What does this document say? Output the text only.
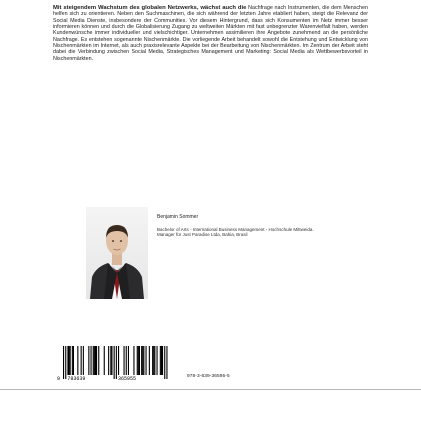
Mit steigendem Wachstum des globalen Netzwerks, wächst auch die Nachfrage nach Instrumenten, die dem Menschen helfen sich zu orientieren. Neben den Suchmaschinen, die sich während der letzten Jahre etabliert haben, steigt die Relevanz der Social Media Dienste, insbesondere der Communities. Vor diesem Hintergrund, dass sich Konsumenten im Netz immer besser informieren können und durch die Globalisierung Zugang zu weltweiten Märkten mit fast unbegrenzter Warenvielfalt haben, werden Kundenwünsche immer individueller und vielschichtiger. Unternehmen assimilieren ihre Angebote zunehmend an die persönliche Nachfrage. Es entstehen sogenannte Nischenmärkte. Die vorliegende Arbeit behandelt sowohl die Entstehung und Entwicklung von Nischenmärkten im Internet, als auch praxisrelevante Aspekte bei der Bearbeitung von Nischenmärkten. Im Zentrum der Arbeit steht dabei die Verbindung zwischen Social Media, Strategisches Management und Marketing: Social Media als Wettbewerbsvorteil in Nischenmärkten.
Benjamin Sommer

Bachelor of Arts - International Business Management - Hochschule Mittweida. Manager für Just Paradise Ltda, Bahia, Brasil

9 783639	365955	978-3-639-36595-5
